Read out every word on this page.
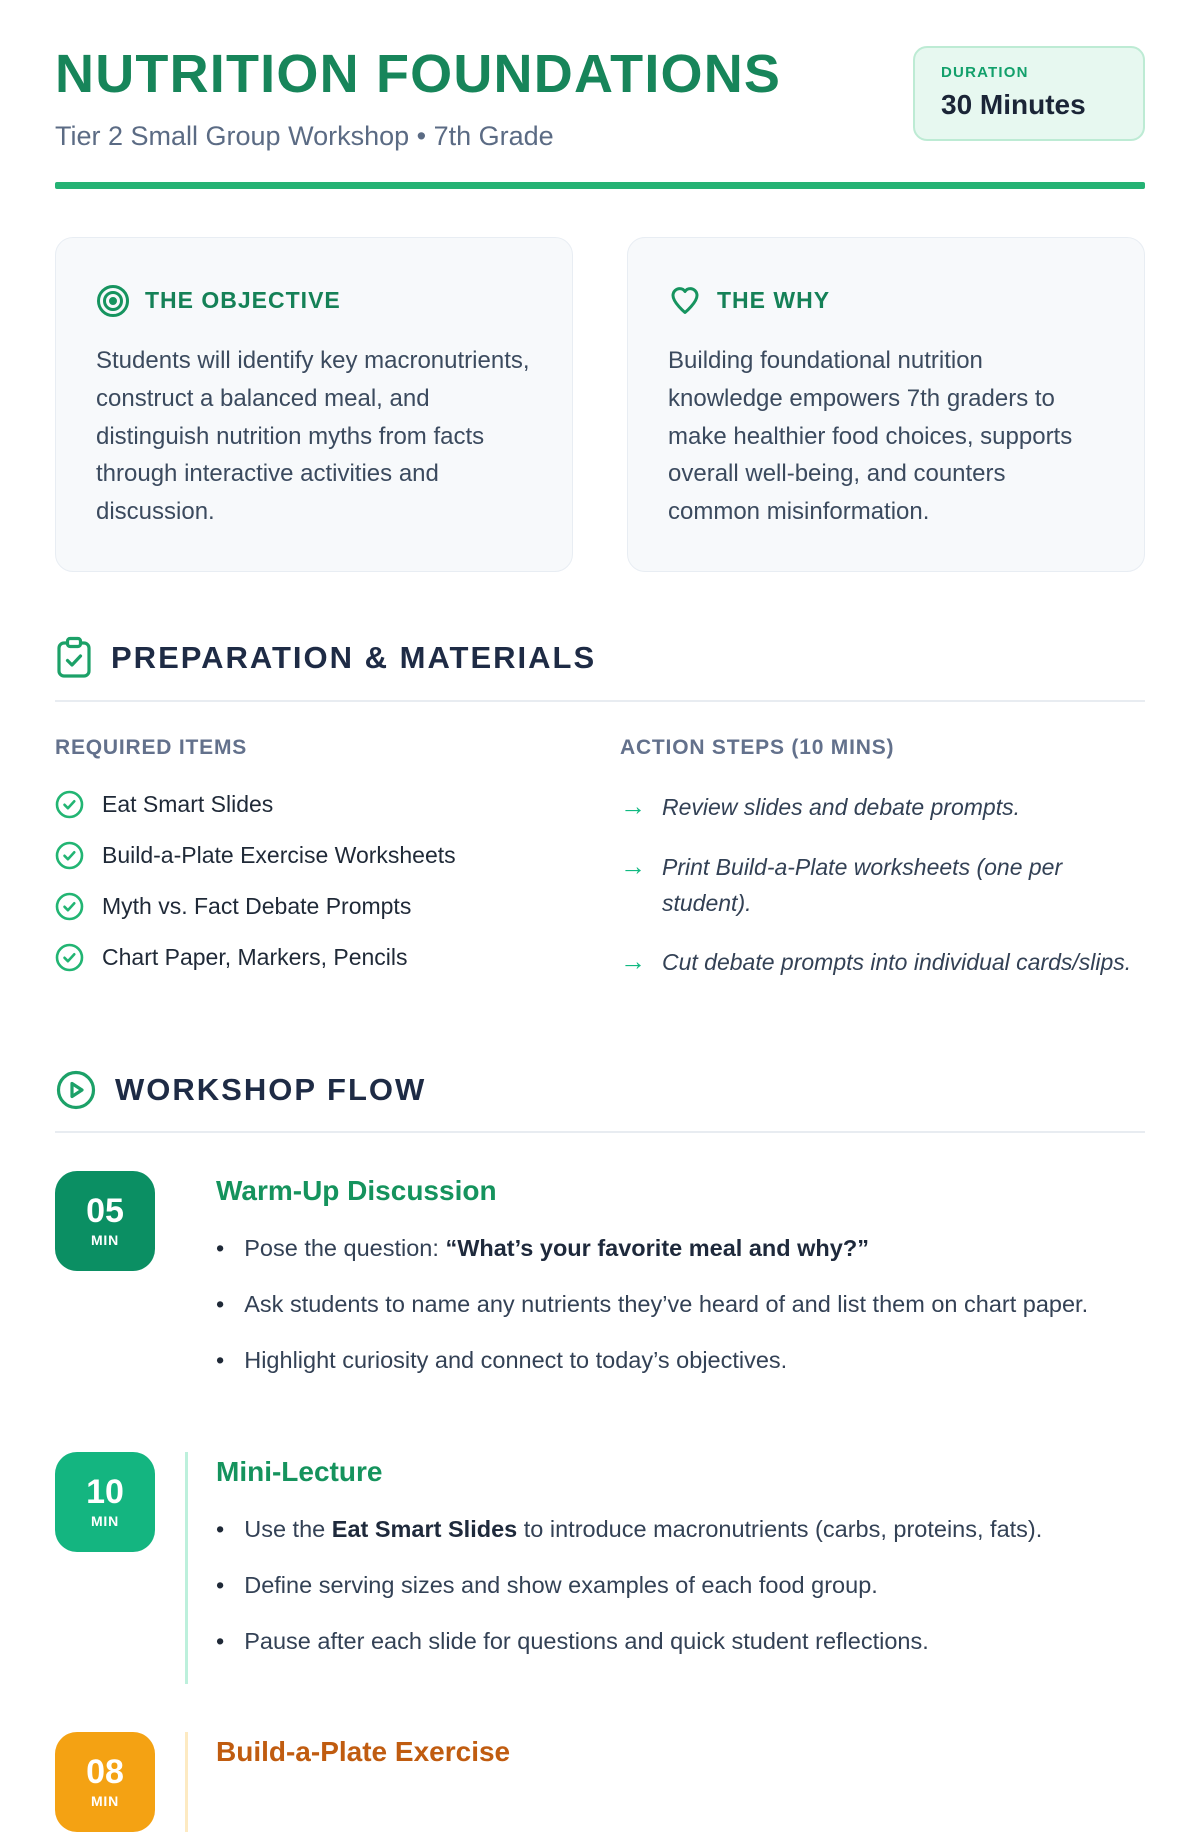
NUTRITION FOUNDATIONS

Tier 2 Small Group Workshop • 7th Grade

DURATION
30 Minutes
THE OBJECTIVE

Students will identify key macronutrients, construct a balanced meal, and distinguish nutrition myths from facts through interactive activities and discussion.

THE WHY

Building foundational nutrition knowledge empowers 7th graders to make healthier food choices, supports overall well-being, and counters common misinformation.

PREPARATION & MATERIALS
REQUIRED ITEMS
Eat Smart Slides
Build-a-Plate Exercise Worksheets
Myth vs. Fact Debate Prompts
Chart Paper, Markers, Pencils
ACTION STEPS (10 MINS)
→ Review slides and debate prompts.
→ Print Build-a-Plate worksheets (one per student).
→ Cut debate prompts into individual cards/slips.
WORKSHOP FLOW
05
MIN
Warm-Up Discussion
• Pose the question: “What’s your favorite meal and why?”
• Ask students to name any nutrients they’ve heard of and list them on chart paper.
• Highlight curiosity and connect to today’s objectives.
10
MIN
Mini-Lecture
• Use the Eat Smart Slides to introduce macronutrients (carbs, proteins, fats).
• Define serving sizes and show examples of each food group.
• Pause after each slide for questions and quick student reflections.
08
MIN
Build-a-Plate Exercise
